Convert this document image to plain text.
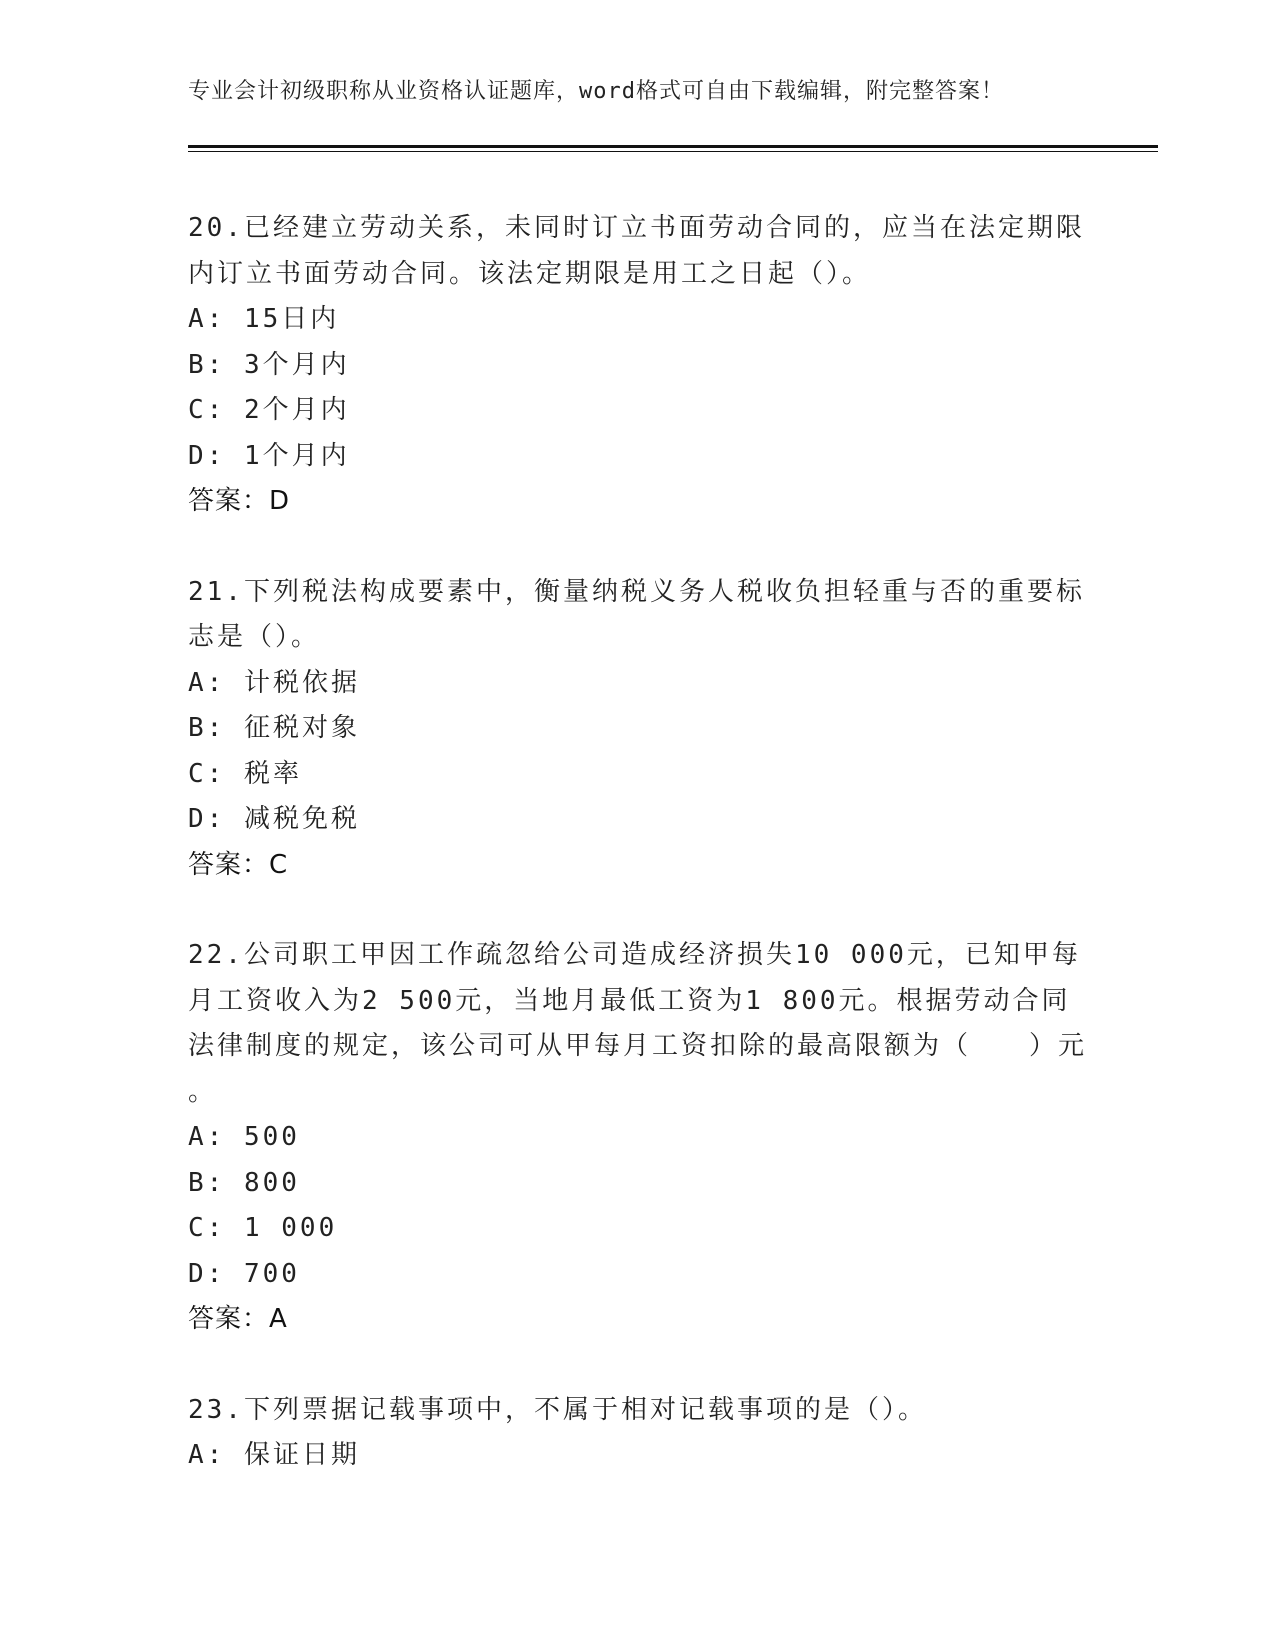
专业会计初级职称从业资格认证题库，word格式可自由下载编辑，附完整答案！
20.已经建立劳动关系，未同时订立书面劳动合同的，应当在法定期限
内订立书面劳动合同。该法定期限是用工之日起（）。
A: 15日内
B: 3个月内
C: 2个月内
D: 1个月内
答案：D
21.下列税法构成要素中，衡量纳税义务人税收负担轻重与否的重要标
志是（）。
A: 计税依据
B: 征税对象
C: 税率
D: 减税免税
答案：C
22.公司职工甲因工作疏忽给公司造成经济损失10 000元，已知甲每
月工资收入为2 500元，当地月最低工资为1 800元。根据劳动合同
法律制度的规定，该公司可从甲每月工资扣除的最高限额为（　　）元
。
A: 500
B: 800
C: 1 000
D: 700
答案：A
23.下列票据记载事项中，不属于相对记载事项的是（）。
A: 保证日期
